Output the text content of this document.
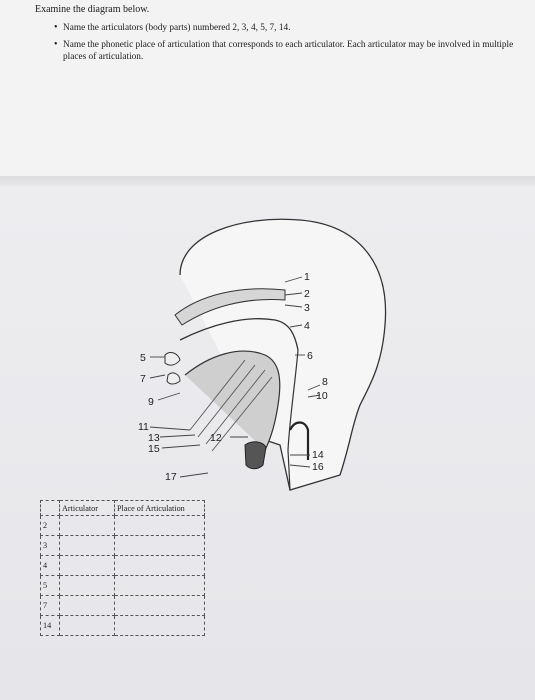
Examine the diagram below.
• Name the articulators (body parts) numbered 2, 3, 4, 5, 7, 14.
• Name the phonetic place of articulation that corresponds to each articulator. Each articulator may be involved in multiple places of articulation.
1
2
3
4
6
5
7	8
10
9
11
13
15
12
14
16
17
	Articulator	Place of Articulation
2		
3		
4		
5		
7		
14		
